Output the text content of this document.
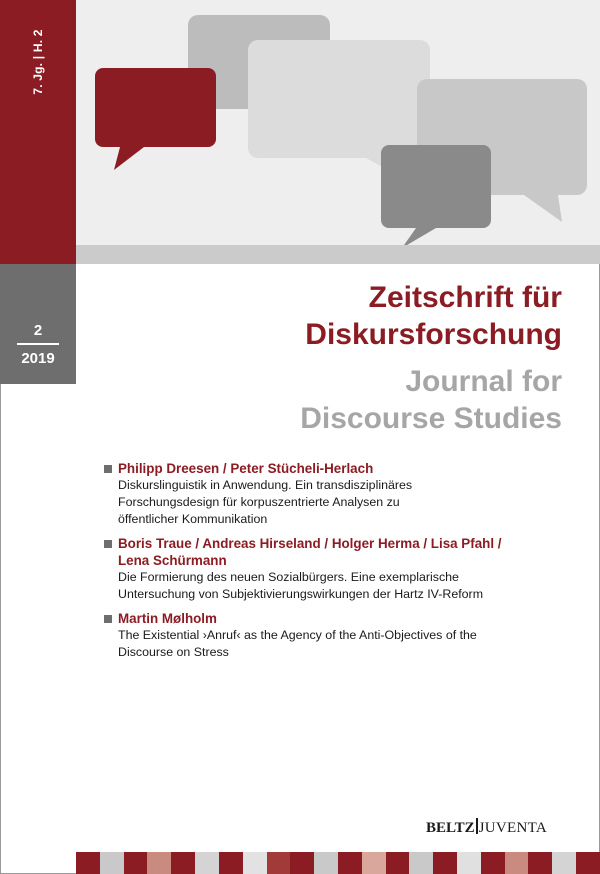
7. Jg. | H. 2
2
2019
Zeitschrift für
Diskursforschung
Journal for
Discourse Studies
Philipp Dreesen / Peter Stücheli-Herlach
Diskurslinguistik in Anwendung. Ein transdisziplinäres
Forschungsdesign für korpuszentrierte Analysen zu
öffentlicher Kommunikation
Boris Traue / Andreas Hirseland / Holger Herma / Lisa Pfahl /
Lena Schürmann
Die Formierung des neuen Sozialbürgers. Eine exemplarische
Untersuchung von Subjektivierungswirkungen der Hartz IV-Reform
Martin Mølholm
The Existential ›Anruf‹ as the Agency of the Anti-Objectives of the
Discourse on Stress
BELTZ JUVENTA
